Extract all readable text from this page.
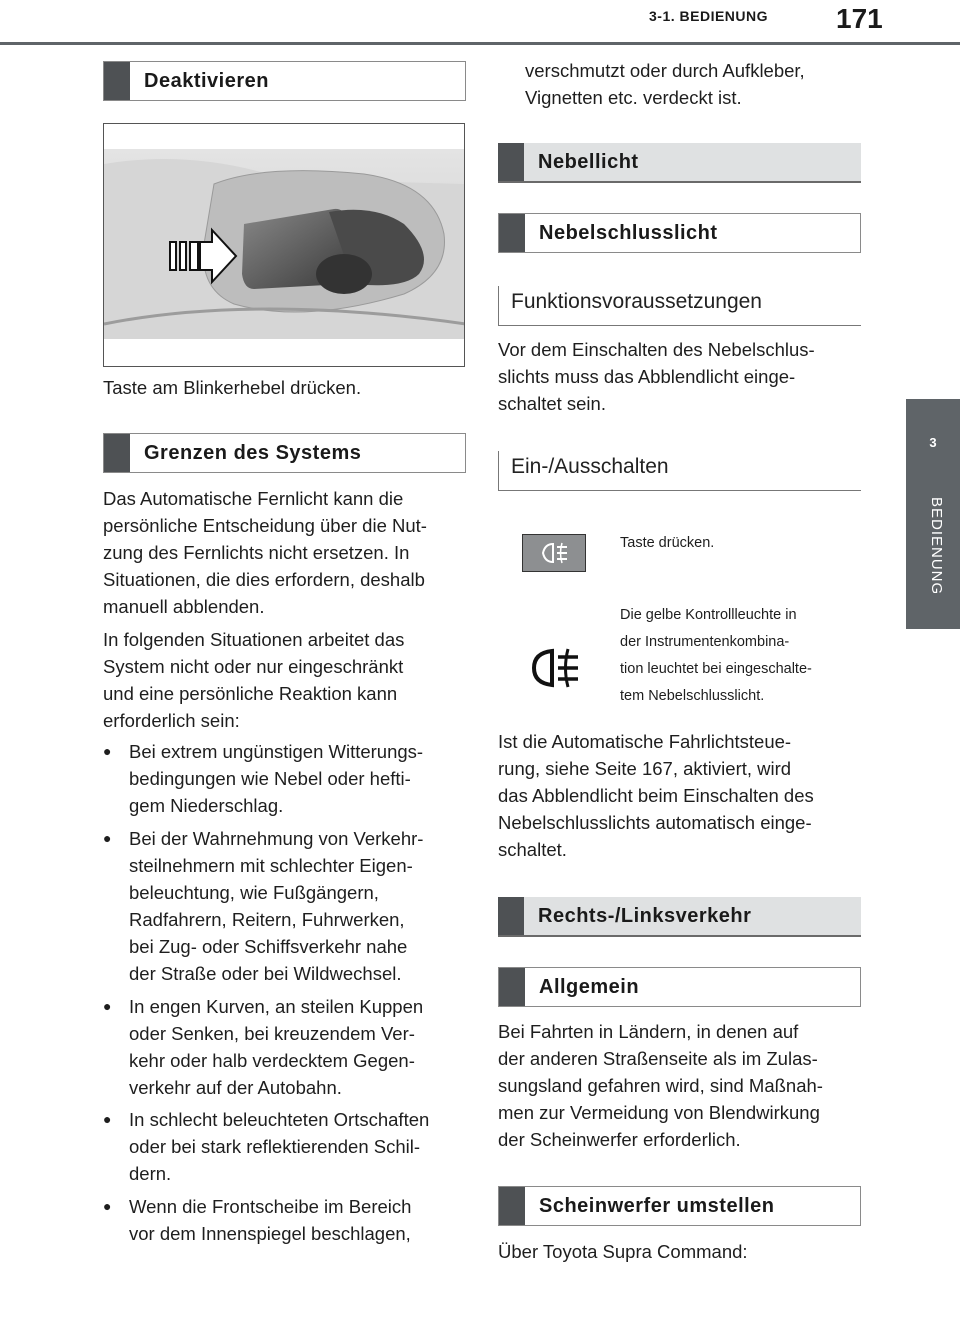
3-1. BEDIENUNG 171
3
BEDIENUNG
Deaktivieren
Taste am Blinkerhebel drücken.
Grenzen des Systems
Das Automatische Fernlicht kann die
persönliche Entscheidung über die Nut-
zung des Fernlichts nicht ersetzen. In
Situationen, die dies erfordern, deshalb
manuell abblenden.
In folgenden Situationen arbeitet das
System nicht oder nur eingeschränkt
und eine persönliche Reaktion kann
erforderlich sein:
● Bei extrem ungünstigen Witterungs-
bedingungen wie Nebel oder hefti-
gem Niederschlag.
● Bei der Wahrnehmung von Verkehr-
steilnehmern mit schlechter Eigen-
beleuchtung, wie Fußgängern,
Radfahrern, Reitern, Fuhrwerken,
bei Zug- oder Schiffsverkehr nahe
der Straße oder bei Wildwechsel.
● In engen Kurven, an steilen Kuppen
oder Senken, bei kreuzendem Ver-
kehr oder halb verdecktem Gegen-
verkehr auf der Autobahn.
● In schlecht beleuchteten Ortschaften
oder bei stark reflektierenden Schil-
dern.
● Wenn die Frontscheibe im Bereich
vor dem Innenspiegel beschlagen,
verschmutzt oder durch Aufkleber,
Vignetten etc. verdeckt ist.
Nebellicht
Nebelschlusslicht
Funktionsvoraussetzungen
Vor dem Einschalten des Nebelschlus-
slichts muss das Abblendlicht einge-
schaltet sein.
Ein-/Ausschalten
Taste drücken.
Die gelbe Kontrollleuchte in
der Instrumentenkombina-
tion leuchtet bei eingeschalte-
tem Nebelschlusslicht.
Ist die Automatische Fahrlichtsteue-
rung, siehe Seite 167, aktiviert, wird
das Abblendlicht beim Einschalten des
Nebelschlusslichts automatisch einge-
schaltet.
Rechts-/Linksverkehr
Allgemein
Bei Fahrten in Ländern, in denen auf
der anderen Straßenseite als im Zulas-
sungsland gefahren wird, sind Maßnah-
men zur Vermeidung von Blendwirkung
der Scheinwerfer erforderlich.
Scheinwerfer umstellen
Über Toyota Supra Command:
